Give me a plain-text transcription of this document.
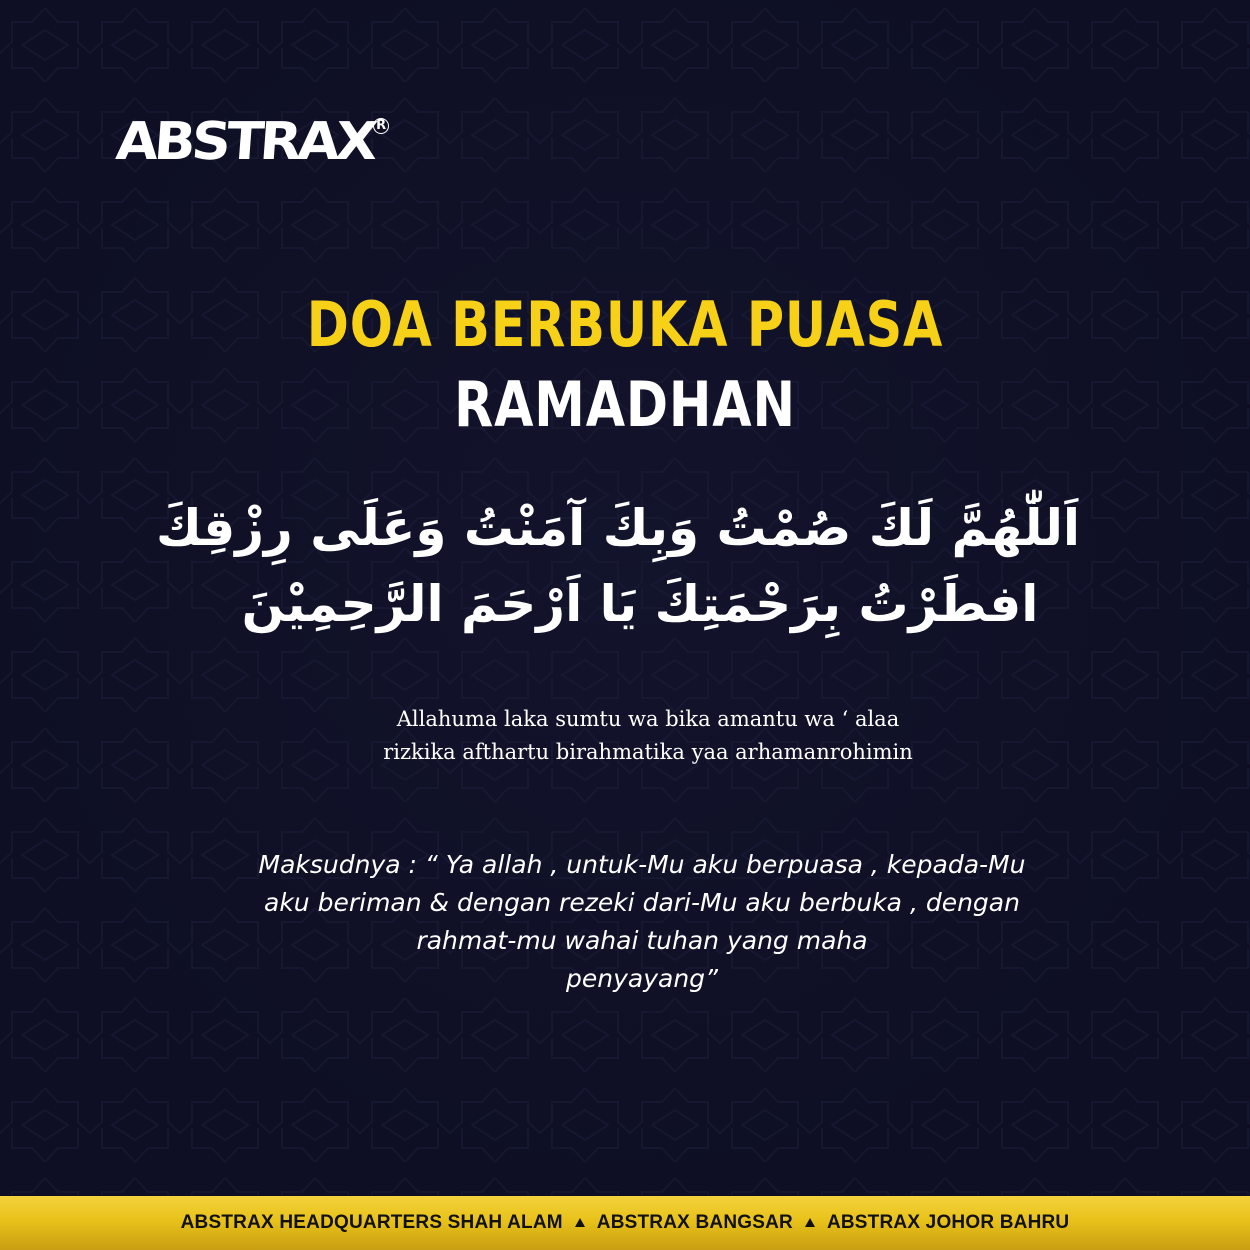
ABSTRAX R
DOA BERBUKA PUASA
RAMADHAN
اَللّٰهُمَّ لَكَ صُمْتُ وَبِكَ آمَنْتُ وَعَلَى رِزْقِكَ
افطَرْتُ بِرَحْمَتِكَ يَا اَرْحَمَ الرَّحِمِيْنَ
Allahuma laka sumtu wa bika amantu wa ‘ alaa
rizkika afthartu birahmatika yaa arhamanrohimin
Maksudnya : “ Ya allah , untuk-Mu aku berpuasa , kepada-Mu
aku beriman & dengan rezeki dari-Mu aku berbuka , dengan
rahmat-mu wahai tuhan yang maha
penyayang”
ABSTRAX HEADQUARTERS SHAH ALAM ABSTRAX BANGSAR ABSTRAX JOHOR BAHRU
